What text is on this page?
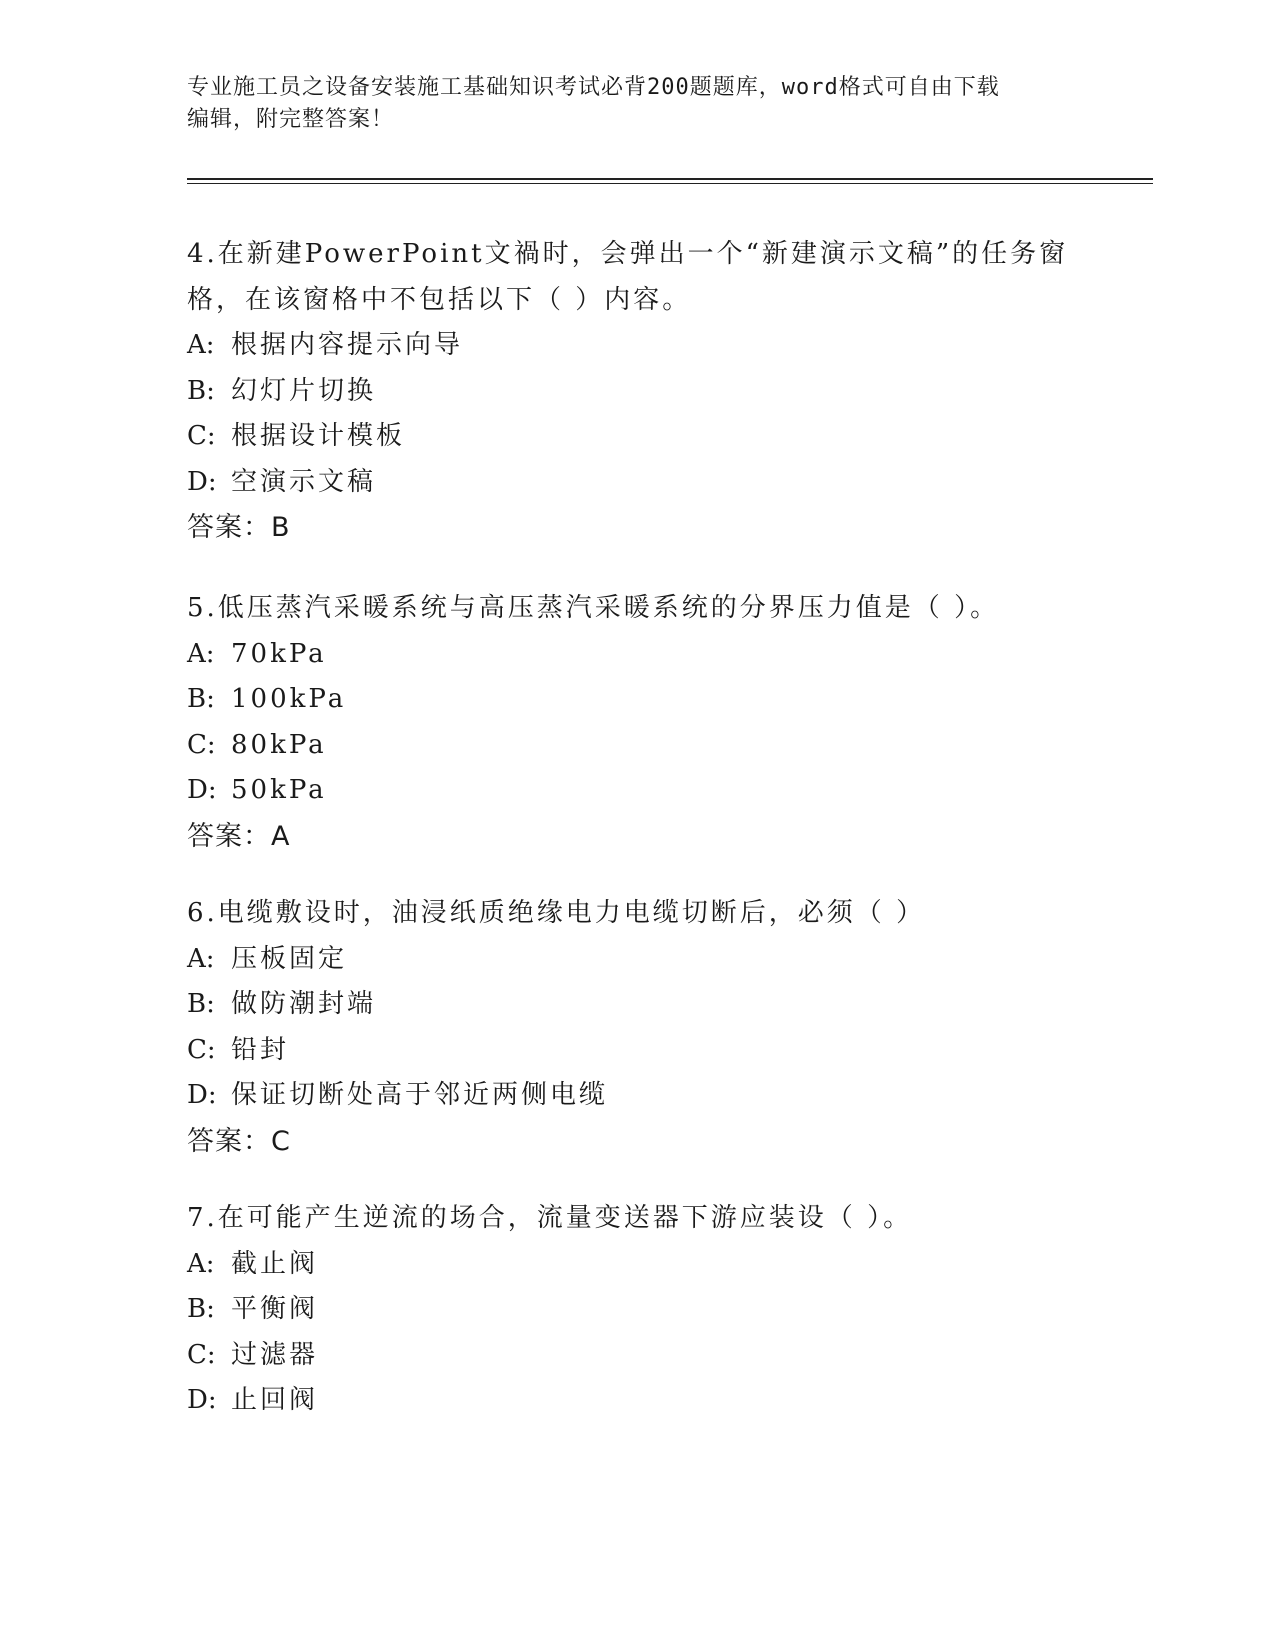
专业施工员之设备安装施工基础知识考试必背200题题库，word格式可自由下载
编辑，附完整答案！
4.在新建PowerPoint文禍时，会弹出一个“新建演示文稿”的任务窗
格，在该窗格中不包括以下（ ）内容。
A: 根据内容提示向导
B: 幻灯片切换
C: 根据设计模板
D: 空演示文稿
答案：B
5.低压蒸汽采暖系统与高压蒸汽采暖系统的分界压力值是（ ）。
A: 70kPa
B: 100kPa
C: 80kPa
D: 50kPa
答案：A
6.电缆敷设时，油浸纸质绝缘电力电缆切断后，必须（ ）
A: 压板固定
B: 做防潮封端
C: 铅封
D: 保证切断处高于邻近两侧电缆
答案：C
7.在可能产生逆流的场合，流量变送器下游应装设（ ）。
A: 截止阀
B: 平衡阀
C: 过滤器
D: 止回阀
